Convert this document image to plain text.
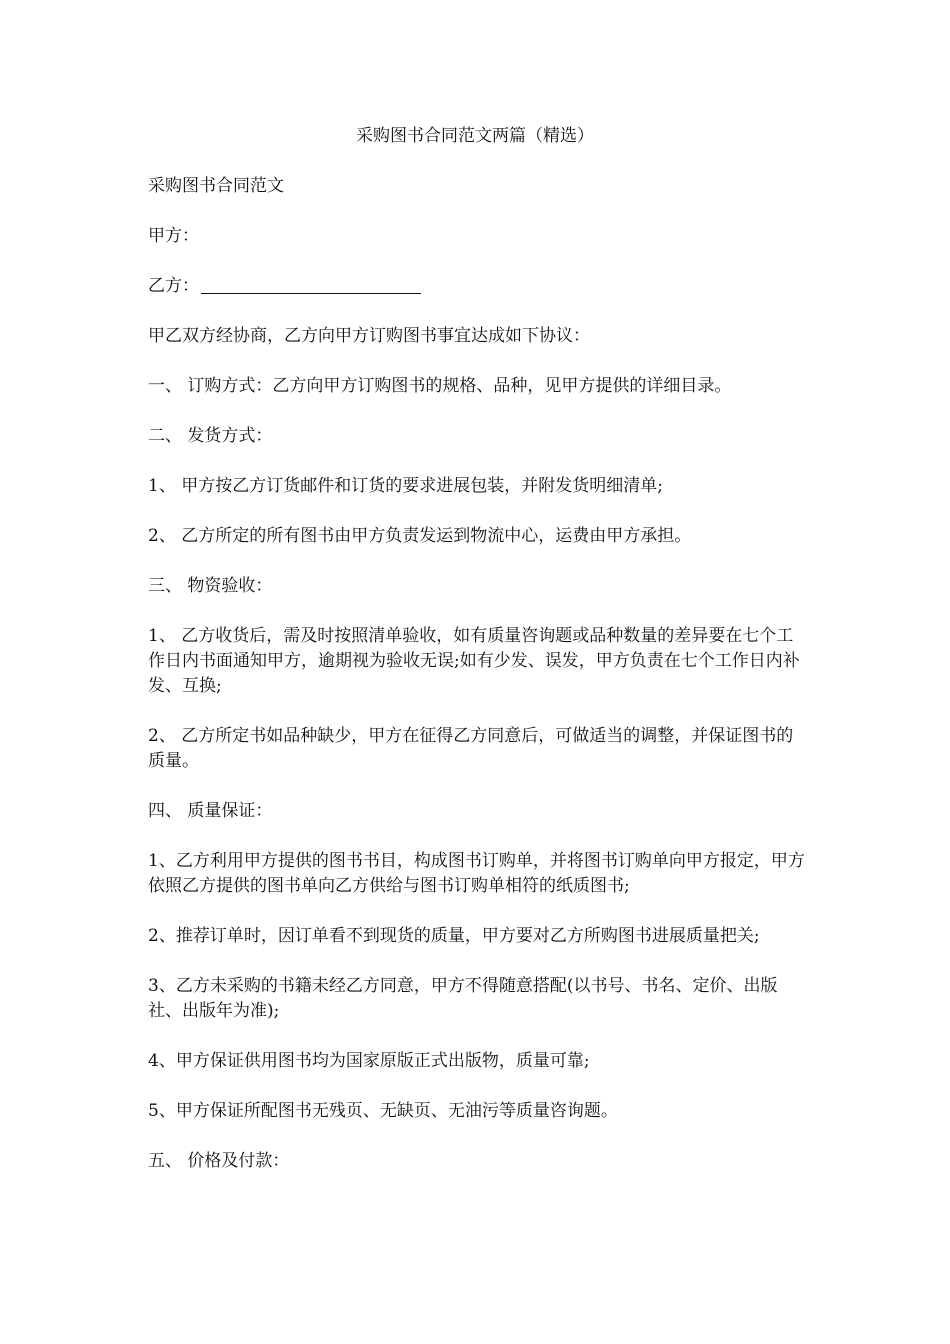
采购图书合同范文两篇（精选）

采购图书合同范文

甲方：

乙方：

甲乙双方经协商，乙方向甲方订购图书事宜达成如下协议：

一、 订购方式：乙方向甲方订购图书的规格、品种，见甲方提供的详细目录。

二、 发货方式：

1、 甲方按乙方订货邮件和订货的要求进展包装，并附发货明细清单;

2、 乙方所定的所有图书由甲方负责发运到物流中心，运费由甲方承担。

三、 物资验收：

1、 乙方收货后，需及时按照清单验收，如有质量咨询题或品种数量的差异要在七个工作日内书面通知甲方，逾期视为验收无误;如有少发、误发，甲方负责在七个工作日内补发、互换;

2、 乙方所定书如品种缺少，甲方在征得乙方同意后，可做适当的调整，并保证图书的质量。

四、 质量保证：

1、乙方利用甲方提供的图书书目，构成图书订购单，并将图书订购单向甲方报定，甲方依照乙方提供的图书单向乙方供给与图书订购单相符的纸质图书;

2、推荐订单时，因订单看不到现货的质量，甲方要对乙方所购图书进展质量把关;

3、乙方未采购的书籍未经乙方同意，甲方不得随意搭配(以书号、书名、定价、出版社、出版年为准);

4、甲方保证供用图书均为国家原版正式出版物，质量可靠;

5、甲方保证所配图书无残页、无缺页、无油污等质量咨询题。

五、 价格及付款：
